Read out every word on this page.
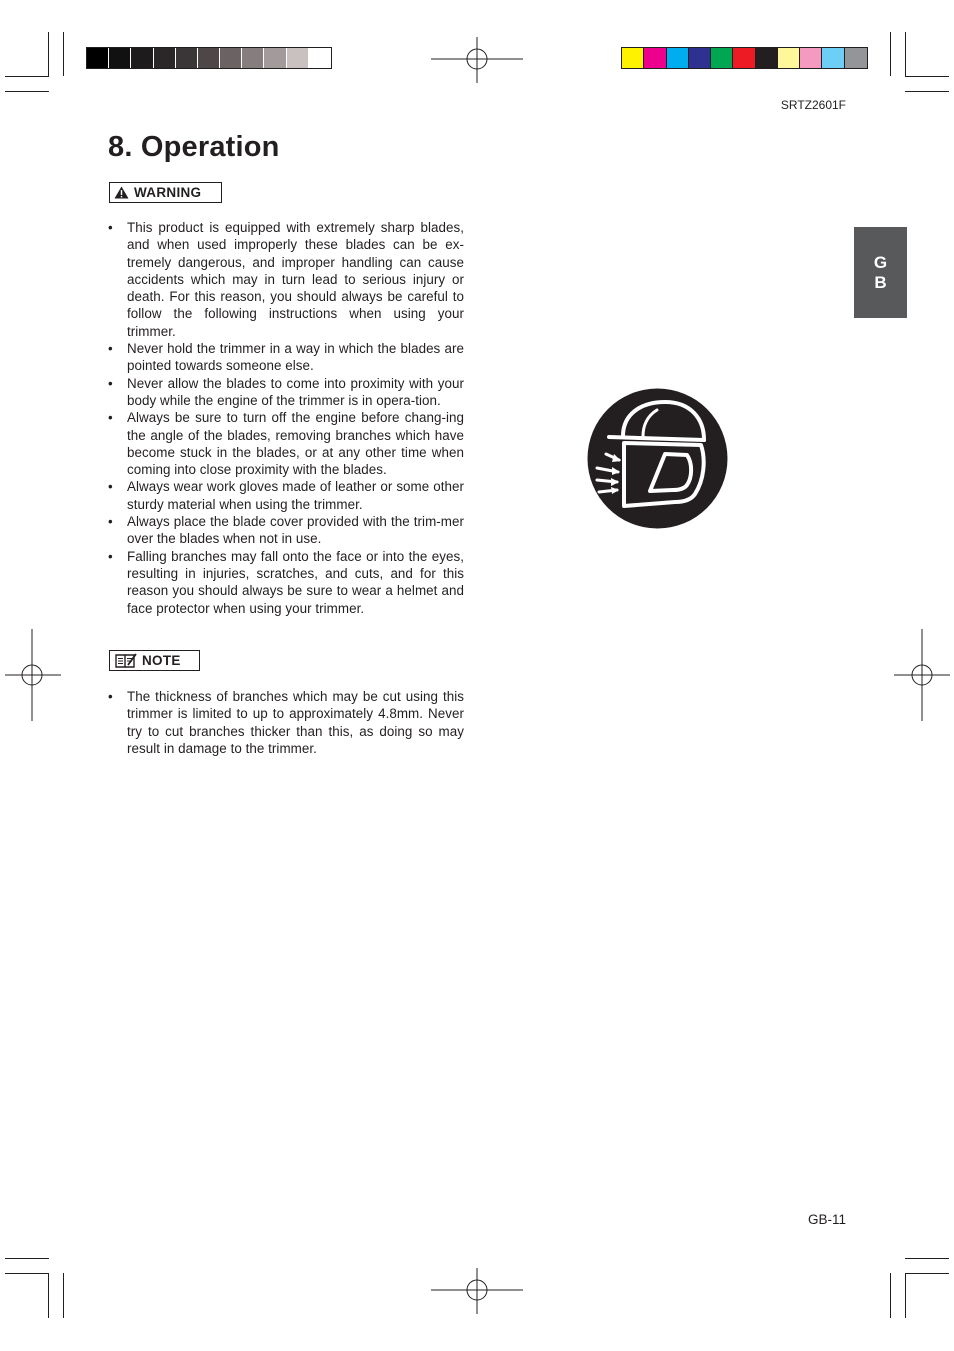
SRTZ2601F
8. Operation
WARNING
• This product is equipped with extremely sharp blades, and when used improperly these blades can be ex-tremely dangerous, and improper handling can cause accidents which may in turn lead to serious injury or death. For this reason, you should always be careful to follow the following instructions when using your trimmer.
• Never hold the trimmer in a way in which the blades are pointed towards someone else.
• Never allow the blades to come into proximity with your body while the engine of the trimmer is in opera-tion.
• Always be sure to turn off the engine before chang-ing the angle of the blades, removing branches which have become stuck in the blades, or at any other time when coming into close proximity with the blades.
• Always wear work gloves made of leather or some other sturdy material when using the trimmer.
• Always place the blade cover provided with the trim-mer over the blades when not in use.
• Falling branches may fall onto the face or into the eyes, resulting in injuries, scratches, and cuts, and for this reason you should always be sure to wear a helmet and face protector when using your trimmer.
NOTE
• The thickness of branches which may be cut using this trimmer is limited to up to approximately 4.8mm. Never try to cut branches thicker than this, as doing so may result in damage to the trimmer.
G
B
GB-11
